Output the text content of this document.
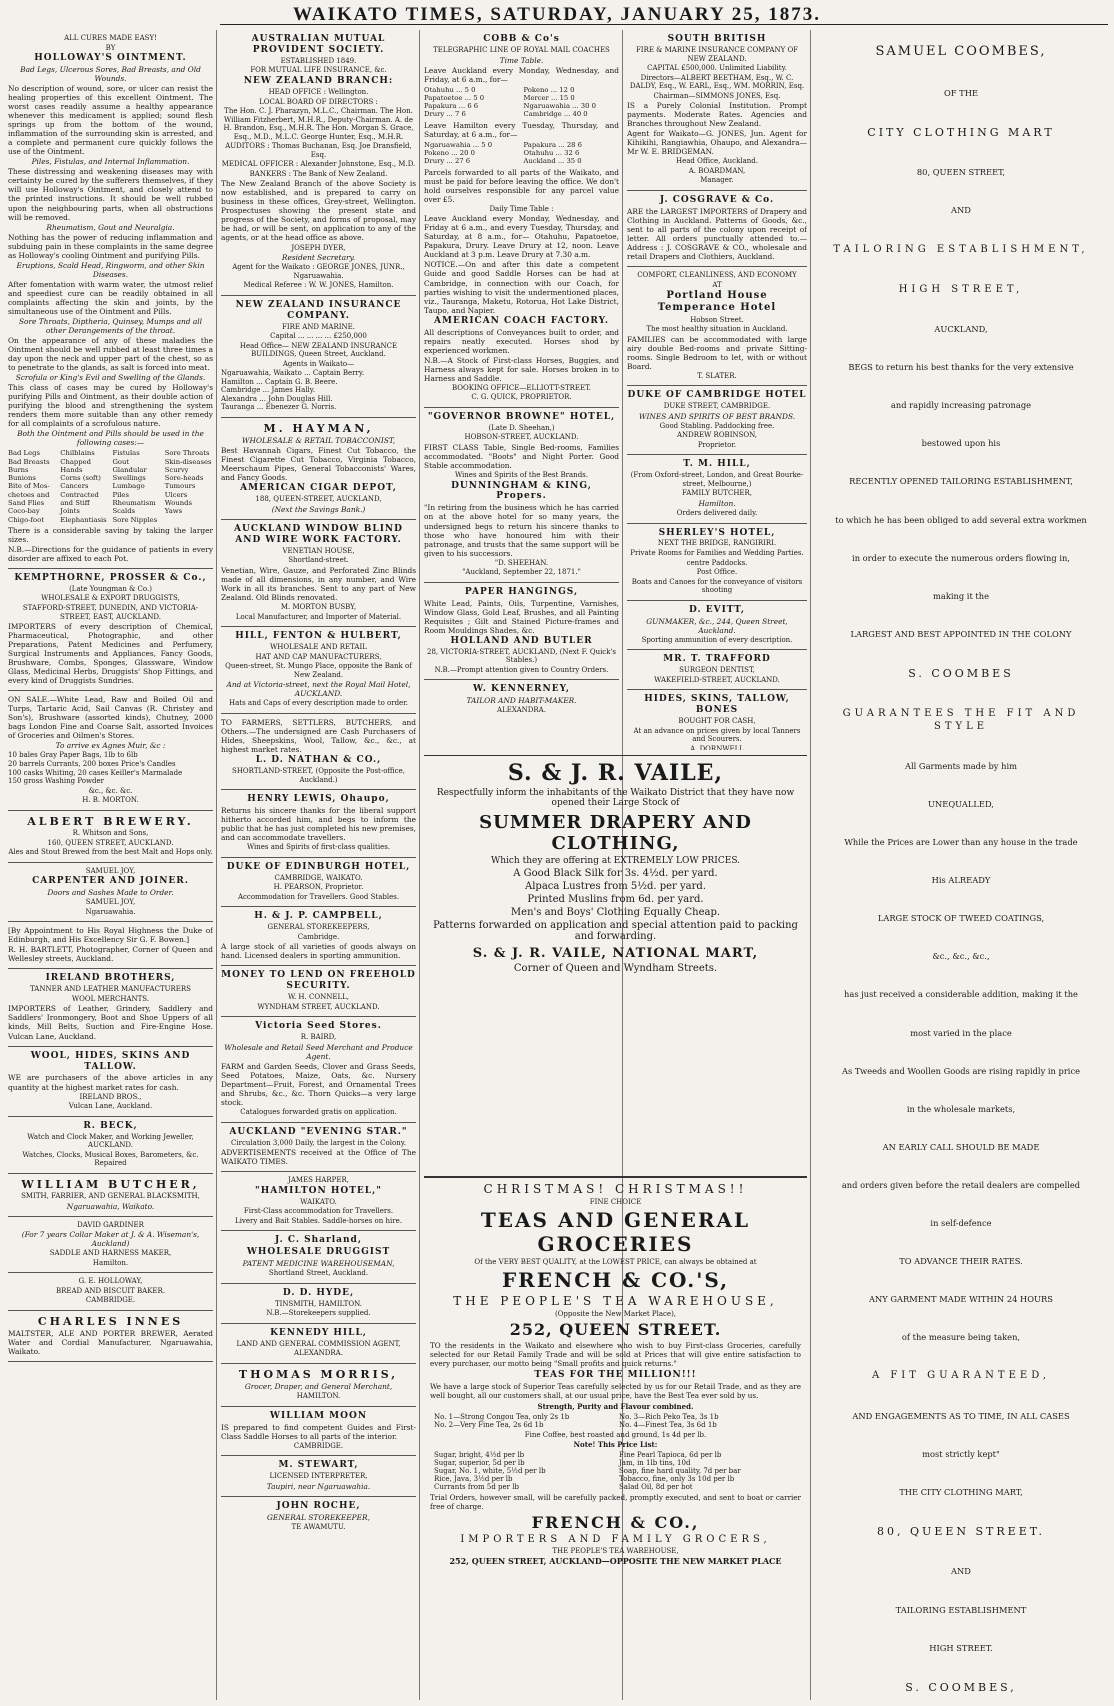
WAIKATO TIMES, SATURDAY, JANUARY 25, 1873.
ALL CURES MADE EASY!
BY
HOLLOWAY'S OINTMENT.
Bad Legs, Ulcerous Sores, Bad Breasts, and Old Wounds.

No description of wound, sore, or ulcer can resist the healing properties of this excellent Ointment. The worst cases readily assume a healthy appearance whenever this medicament is applied; sound flesh springs up from the bottom of the wound, inflammation of the surrounding skin is arrested, and a complete and permanent cure quickly follows the use of the Ointment.

Piles, Fistulas, and Internal Inflammation.

These distressing and weakening diseases may with certainty be cured by the sufferers themselves, if they will use Holloway's Ointment, and closely attend to the printed instructions. It should be well rubbed upon the neighbouring parts, when all obstructions will be removed.

Rheumatism, Gout and Neuralgia.

Nothing has the power of reducing inflammation and subduing pain in these complaints in the same degree as Holloway's cooling Ointment and purifying Pills.

Eruptions, Scald Head, Ringworm, and other Skin Diseases.

After fomentation with warm water, the utmost relief and speediest cure can be readily obtained in all complaints affecting the skin and joints, by the simultaneous use of the Ointment and Pills.

Sore Throats, Diptheria, Quinsey, Mumps and all other Derangements of the throat.

On the appearance of any of these maladies the Ointment should be well rubbed at least three times a day upon the neck and upper part of the chest, so as to penetrate to the glands, as salt is forced into meat.

Scrofula or King's Evil and Swelling of the Glands.

This class of cases may be cured by Holloway's purifying Pills and Ointment, as their double action of purifying the blood and strengthening the system renders them more suitable than any other remedy for all complaints of a scrofulous nature.

Both the Ointment and Pills should be used in the following cases:—
Bad Legs
Bad Breasts
Burns
Bunions
Bite of Mos-
chetoes and
Sand Flies
Coco-bay
Chigo-foot
Chilblains
Chapped
Hands
Corns (soft)
Cancers
Contracted
and Stiff
Joints
Elephantiasis
Fistulas
Gout
Glandular
Swellings
Lumbago
Piles
Rheumatism
Scalds
Sore Nipples
Sore Throats
Skin-diseases
Scurvy
Sore-heads
Tumours
Ulcers
Wounds
Yaws

There is a considerable saving by taking the larger sizes.

N.B.—Directions for the guidance of patients in every disorder are affixed to each Pot.

KEMPTHORNE, PROSSER & Co.,
(Late Youngman & Co.)
WHOLESALE & EXPORT DRUGGISTS,
STAFFORD-STREET, DUNEDIN, AND VICTORIA-STREET, EAST, AUCKLAND.

IMPORTERS of every description of Chemical, Pharmaceutical, Photographic, and other Preparations, Patent Medicines and Perfumery, Surgical Instruments and Appliances, Fancy Goods, Brushware, Combs, Sponges, Glassware, Window Glass, Medicinal Herbs, Druggists' Shop Fittings, and every kind of Druggists Sundries.

ON SALE.—White Lead, Raw and Boiled Oil and Turps, Tartaric Acid, Sail Canvas (R. Christey and Son's), Brushware (assorted kinds), Chutney, 2000 bags London Fine and Coarse Salt, assorted Invoices of Groceries and Oilmen's Stores.

To arrive ex Agnes Muir, &c :
10 bales Gray Paper Bags, 1lb to 6lb
20 barrels Currants, 200 boxes Price's Candles
100 casks Whiting, 20 cases Keiller's Marmalade
150 gross Washing Powder
&c., &c. &c.
H. B. MORTON.
ALBERT BREWERY.
R. Whitson and Sons,
160, QUEEN STREET, AUCKLAND.
Ales and Stout Brewed from the best Malt and Hops only.
SAMUEL JOY,
CARPENTER AND JOINER.
Doors and Sashes Made to Order.
SAMUEL JOY,
Ngaruawahia.

[By Appointment to His Royal Highness the Duke of Edinburgh, and His Excellency Sir G. F. Bowen.]

R. H. BARTLETT, Photographer, Corner of Queen and Wellesley streets, Auckland.

IRELAND BROTHERS,
TANNER AND LEATHER MANUFACTURERS
WOOL MERCHANTS.

IMPORTERS of Leather, Grindery, Saddlery and Saddlers' Ironmongery, Boot and Shoe Uppers of all kinds, Mill Belts, Suction and Fire-Engine Hose. Vulcan Lane, Auckland.

WOOL, HIDES, SKINS AND TALLOW.

WE are purchasers of the above articles in any quantity at the highest market rates for cash.

IRELAND BROS.,
Vulcan Lane, Auckland.
R. BECK,
Watch and Clock Maker, and Working Jeweller, AUCKLAND.
Watches, Clocks, Musical Boxes, Barometers, &c. Repaired
WILLIAM BUTCHER,
SMITH, FARRIER, AND GENERAL BLACKSMITH,
Ngaruawahia, Waikato.
DAVID GARDINER
(For 7 years Collar Maker at J. & A. Wiseman's, Auckland)
SADDLE AND HARNESS MAKER,
Hamilton.
G. E. HOLLOWAY,
BREAD AND BISCUIT BAKER.
CAMBRIDGE.
CHARLES INNES

MALTSTER, ALE AND PORTER BREWER, Aerated Water and Cordial Manufacturer, Ngaruawahia, Waikato.

AUSTRALIAN MUTUAL PROVIDENT SOCIETY.
ESTABLISHED 1849.
FOR MUTUAL LIFE INSURANCE, &c.
NEW ZEALAND BRANCH:
HEAD OFFICE : Wellington.
LOCAL BOARD OF DIRECTORS :
The Hon. C. J. Pharazyn, M.L.C., Chairman. The Hon. William Fitzherbert, M.H.R., Deputy-Chairman. A. de H. Brandon, Esq., M.H.R. The Hon. Morgan S. Grace, Esq., M.D., M.L.C. George Hunter, Esq., M.H.R.
AUDITORS : Thomas Buchanan, Esq. Joe Dransfield, Esq.
MEDICAL OFFICER : Alexander Johnstone, Esq., M.D.
BANKERS : The Bank of New Zealand.

The New Zealand Branch of the above Society is now established, and is prepared to carry on business in these offices, Grey-street, Wellington. Prospectuses showing the present state and progress of the Society, and forms of proposal, may be had, or will be sent, on application to any of the agents, or at the head office as above.

JOSEPH DYER,
Resident Secretary.
Agent for the Waikato : GEORGE JONES, JUNR., Ngaruawahia.
Medical Referee : W. W. JONES, Hamilton.
NEW ZEALAND INSURANCE COMPANY.
FIRE AND MARINE.
Capital ... ... ... ... £250,000
Head Office— NEW ZEALAND INSURANCE BUILDINGS, Queen Street, Auckland.
Agents in Waikato—
Ngaruawahia, Waikato ... Captain Berry.
Hamilton ... Captain G. B. Beere.
Cambridge ... James Hally.
Alexandra ... John Douglas Hill.
Tauranga ... Ebenezer G. Norris.
M. HAYMAN,
WHOLESALE & RETAIL TOBACCONIST,

Best Havannah Cigars, Finest Cut Tobacco, the Finest Cigarette Cut Tobacco, Virginia Tobacco, Meerschaum Pipes, General Tobacconists' Wares, and Fancy Goods.

AMERICAN CIGAR DEPOT,
188, QUEEN-STREET, AUCKLAND,
(Next the Savings Bank.)
AUCKLAND WINDOW BLIND AND WIRE WORK FACTORY.
VENETIAN HOUSE,
Shortland-street.

Venetian, Wire, Gauze, and Perforated Zinc Blinds made of all dimensions, in any number, and Wire Work in all its branches. Sent to any part of New Zealand. Old Blinds renovated.

M. MORTON BUSBY,
Local Manufacturer, and Importer of Material.
HILL, FENTON & HULBERT,
WHOLESALE AND RETAIL
HAT AND CAP MANUFACTURERS,
Queen-street, St. Mungo Place, opposite the Bank of New Zealand.
And at Victoria-street, next the Royal Mail Hotel, AUCKLAND.
Hats and Caps of every description made to order.

TO FARMERS, SETTLERS, BUTCHERS, and Others.—The undersigned are Cash Purchasers of Hides, Sheepskins, Wool, Tallow, &c., &c., at highest market rates.

L. D. NATHAN & CO.,
SHORTLAND-STREET, (Opposite the Post-office, Auckland.)
HENRY LEWIS, Ohaupo,

Returns his sincere thanks for the liberal support hitherto accorded him, and begs to inform the public that he has just completed his new premises, and can accommodate travellers.

Wines and Spirits of first-class qualities.
DUKE OF EDINBURGH HOTEL,
CAMBRIDGE, WAIKATO.
H. PEARSON, Proprietor.
Accommodation for Travellers. Good Stables.
H. & J. P. CAMPBELL,
GENERAL STOREKEEPERS,
Cambridge.

A large stock of all varieties of goods always on hand. Licensed dealers in sporting ammunition.

MONEY TO LEND ON FREEHOLD SECURITY.
W. H. CONNELL,
WYNDHAM STREET, AUCKLAND.
Victoria Seed Stores.
R. BAIRD,
Wholesale and Retail Seed Merchant and Produce Agent.

FARM and Garden Seeds, Clover and Grass Seeds, Seed Potatoes, Maize, Oats, &c. Nursery Department—Fruit, Forest, and Ornamental Trees and Shrubs, &c., &c. Thorn Quicks—a very large stock.

Catalogues forwarded gratis on application.
AUCKLAND "EVENING STAR."
Circulation 3,000 Daily, the largest in the Colony.

ADVERTISEMENTS received at the Office of The WAIKATO TIMES.

JAMES HARPER,
"HAMILTON HOTEL,"
WAIKATO.
First-Class accommodation for Travellers.
Livery and Bait Stables. Saddle-horses on hire.
J. C. Sharland,
WHOLESALE DRUGGIST
PATENT MEDICINE WAREHOUSEMAN,
Shortland Street, Auckland.
D. D. HYDE,
TINSMITH, HAMILTON.
N.B.—Storekeepers supplied.
KENNEDY HILL,
LAND AND GENERAL COMMISSION AGENT,
ALEXANDRA.
THOMAS MORRIS,
Grocer, Draper, and General Merchant,
HAMILTON.
WILLIAM MOON

IS prepared to find competent Guides and First-Class Saddle Horses to all parts of the interior.

CAMBRIDGE.
M. STEWART,
LICENSED INTERPRETER,
Taupiri, near Ngaruawahia.
JOHN ROCHE,
GENERAL STOREKEEPER,
TE AWAMUTU.
COBB & Co's
TELEGRAPHIC LINE OF ROYAL MAIL COACHES
Time Table.

Leave Auckland every Monday, Wednesday, and Friday, at 6 a.m., for—

Otahuhu ... 5 0
Papatoetoe ... 5 0
Papakura ... 6 6
Drury ... 7 6
Pokeno ... 12 0
Mercer ... 15 0
Ngaruawahia ... 30 0
Cambridge ... 40 0

Leave Hamilton every Tuesday, Thursday, and Saturday, at 6 a.m., for—

Ngaruawahia ... 5 0
Pokeno ... 20 0
Drury ... 27 6
Papakura ... 28 6
Otahuhu ... 32 6
Auckland ... 35 0

Parcels forwarded to all parts of the Waikato, and must be paid for before leaving the office. We don't hold ourselves responsible for any parcel value over £5.

Daily Time Table :

Leave Auckland every Monday, Wednesday, and Friday at 6 a.m., and every Tuesday, Thursday, and Saturday, at 8 a.m., for— Otahuhu, Papatoetoe, Papakura, Drury. Leave Drury at 12, noon. Leave Auckland at 3 p.m. Leave Drury at 7.30 a.m.

NOTICE.—On and after this date a competent Guide and good Saddle Horses can be had at Cambridge, in connection with our Coach, for parties wishing to visit the undermentioned places, viz., Tauranga, Maketu, Rotorua, Hot Lake District, Taupo, and Napier.

AMERICAN COACH FACTORY.

All descriptions of Conveyances built to order, and repairs neatly executed. Horses shod by experienced workmen.

N.B.—A Stock of First-class Horses, Buggies, and Harness always kept for sale. Horses broken in to Harness and Saddle.

BOOKING OFFICE—ELLIOTT-STREET.
C. G. QUICK, PROPRIETOR.
"GOVERNOR BROWNE" HOTEL,
(Late D. Sheehan,)
HOBSON-STREET, AUCKLAND.

FIRST CLASS Table, Single Bed-rooms, Families accommodated. "Boots" and Night Porter. Good Stable accommodation.

Wines and Spirits of the Best Brands.
DUNNINGHAM & KING, Propers.

"In retiring from the business which he has carried on at the above hotel for so many years, the undersigned begs to return his sincere thanks to those who have honoured him with their patronage, and trusts that the same support will be given to his successors.

"D. SHEEHAN.
"Auckland, September 22, 1871."
PAPER HANGINGS,

White Lead, Paints, Oils, Turpentine, Varnishes, Window Glass, Gold Leaf, Brushes, and all Painting Requisites ; Gilt and Stained Picture-frames and Room Mouldings Shades, &c.

HOLLAND AND BUTLER
28, VICTORIA-STREET, AUCKLAND, (Next F. Quick's Stables.)
N.B.—Prompt attention given to Country Orders.
W. KENNERNEY,
TAILOR AND HABIT-MAKER.
ALEXANDRA.
SOUTH BRITISH
FIRE & MARINE INSURANCE COMPANY OF NEW ZEALAND.
CAPITAL £500,000. Unlimited Liability.
Directors—ALBERT BEETHAM, Esq., W. C. DALDY, Esq., W. EARL, Esq., WM. MORRIN, Esq.
Chairman—SIMMONS JONES, Esq.

IS a Purely Colonial Institution. Prompt payments. Moderate Rates. Agencies and Branches throughout New Zealand.

Agent for Waikato—G. JONES, Jun. Agent for Kihikihi, Rangiawhia, Ohaupo, and Alexandra—Mr W. E. BRIDGEMAN.

Head Office, Auckland.
A. BOARDMAN,
Manager.
J. COSGRAVE & Co.

ARE the LARGEST IMPORTERS of Drapery and Clothing in Auckland. Patterns of Goods, &c., sent to all parts of the colony upon receipt of letter. All orders punctually attended to.—Address : J. COSGRAVE & CO., wholesale and retail Drapers and Clothiers, Auckland.

COMFORT, CLEANLINESS, AND ECONOMY
AT
Portland House Temperance Hotel
Hobson Street.
The most healthy situation in Auckland.

FAMILIES can be accommodated with large airy double Bed-rooms and private Sitting-rooms. Single Bedroom to let, with or without Board.

T. SLATER.
DUKE OF CAMBRIDGE HOTEL
DUKE STREET, CAMBRIDGE.
WINES AND SPIRITS OF BEST BRANDS.
Good Stabling. Paddocking free.
ANDREW ROBINSON,
Proprietor.
T. M. HILL,
(From Oxford-street, London, and Great Bourke-street, Melbourne,)
FAMILY BUTCHER,
Hamilton.
Orders delivered daily.
SHERLEY'S HOTEL,
NEXT THE BRIDGE, RANGIRIRI.
Private Rooms for Families and Wedding Parties.
centre Paddocks.
Post Office.
Boats and Canoes for the conveyance of visitors shooting
D. EVITT,
GUNMAKER, &c., 244, Queen Street, Auckland.
Sporting ammunition of every description.
MR. T. TRAFFORD
SURGEON DENTIST,
WAKEFIELD-STREET, AUCKLAND.
HIDES, SKINS, TALLOW, BONES
BOUGHT FOR CASH,
At an advance on prices given by local Tanners and Scourers.
A. DORNWELL
S. & J. R. VAILE,
Respectfully inform the inhabitants of the Waikato District that they have now opened their Large Stock of
SUMMER DRAPERY AND CLOTHING,
Which they are offering at EXTREMELY LOW PRICES.
A Good Black Silk for 3s. 4½d. per yard.
Alpaca Lustres from 5½d. per yard.
Printed Muslins from 6d. per yard.
Men's and Boys' Clothing Equally Cheap.
Patterns forwarded on application and special attention paid to packing and forwarding.
S. & J. R. VAILE, NATIONAL MART,
Corner of Queen and Wyndham Streets.
CHRISTMAS! CHRISTMAS!!
FINE CHOICE
TEAS AND GENERAL GROCERIES
Of the VERY BEST QUALITY, at the LOWEST PRICE, can always be obtained at
FRENCH & CO.'S,
THE PEOPLE'S TEA WAREHOUSE,
(Opposite the New Market Place),
252, QUEEN STREET.

TO the residents in the Waikato and elsewhere who wish to buy First-class Groceries, carefully selected for our Retail Family Trade and will be sold at Prices that will give entire satisfaction to every purchaser, our motto being "Small profits and quick returns."

TEAS FOR THE MILLION!!!

We have a large stock of Superior Teas carefully selected by us for our Retail Trade, and as they are well bought, all our customers shall, at our usual price, have the Best Tea ever sold by us.

Strength, Purity and Flavour combined.
No. 1—Strong Congou Tea, only 2s 1b
No. 2—Very Fine Tea, 2s 6d 1b
No. 3—Rich Peko Tea, 3s 1b
No. 4—Finest Tea, 3s 6d 1b
Fine Coffee, best roasted and ground, 1s 4d per lb.
Note! This Price List:
Sugar, bright, 4½d per lb
Sugar, superior, 5d per lb
Sugar, No. 1, white, 5½d per lb
Rice, Java, 3½d per lb
Currants from 5d per lb
Fine Pearl Tapioca, 6d per lb
Jam, in 1lb tins, 10d
Soap, fine hard quality, 7d per bar
Tobacco, fine, only 3s 10d per lb
Salad Oil, 8d per bot

Trial Orders, however small, will be carefully packed, promptly executed, and sent to boat or carrier free of charge.

FRENCH & CO.,
IMPORTERS AND FAMILY GROCERS,
THE PEOPLE'S TEA WAREHOUSE,
252, QUEEN STREET, AUCKLAND—OPPOSITE THE NEW MARKET PLACE
SAMUEL COOMBES,
OF THE
CITY CLOTHING MART
80, QUEEN STREET,
AND
TAILORING ESTABLISHMENT,
HIGH STREET,
AUCKLAND,
BEGS to return his best thanks for the very extensive
and rapidly increasing patronage
bestowed upon his
RECENTLY OPENED TAILORING ESTABLISHMENT,
to which he has been obliged to add several extra workmen
in order to execute the numerous orders flowing in,
making it the
LARGEST AND BEST APPOINTED IN THE COLONY
S. COOMBES
GUARANTEES THE FIT AND STYLE
All Garments made by him
UNEQUALLED,
While the Prices are Lower than any house in the trade
His ALREADY
LARGE STOCK OF TWEED COATINGS,
&c., &c., &c.,
has just received a considerable addition, making it the
most varied in the place
As Tweeds and Woollen Goods are rising rapidly in price
in the wholesale markets,
AN EARLY CALL SHOULD BE MADE
and orders given before the retail dealers are compelled
in self-defence
TO ADVANCE THEIR RATES.
ANY GARMENT MADE WITHIN 24 HOURS
of the measure being taken,
A FIT GUARANTEED,
AND ENGAGEMENTS AS TO TIME, IN ALL CASES
most strictly kept"
THE CITY CLOTHING MART,
80, QUEEN STREET.
AND
TAILORING ESTABLISHMENT
HIGH STREET.
S. COOMBES,
